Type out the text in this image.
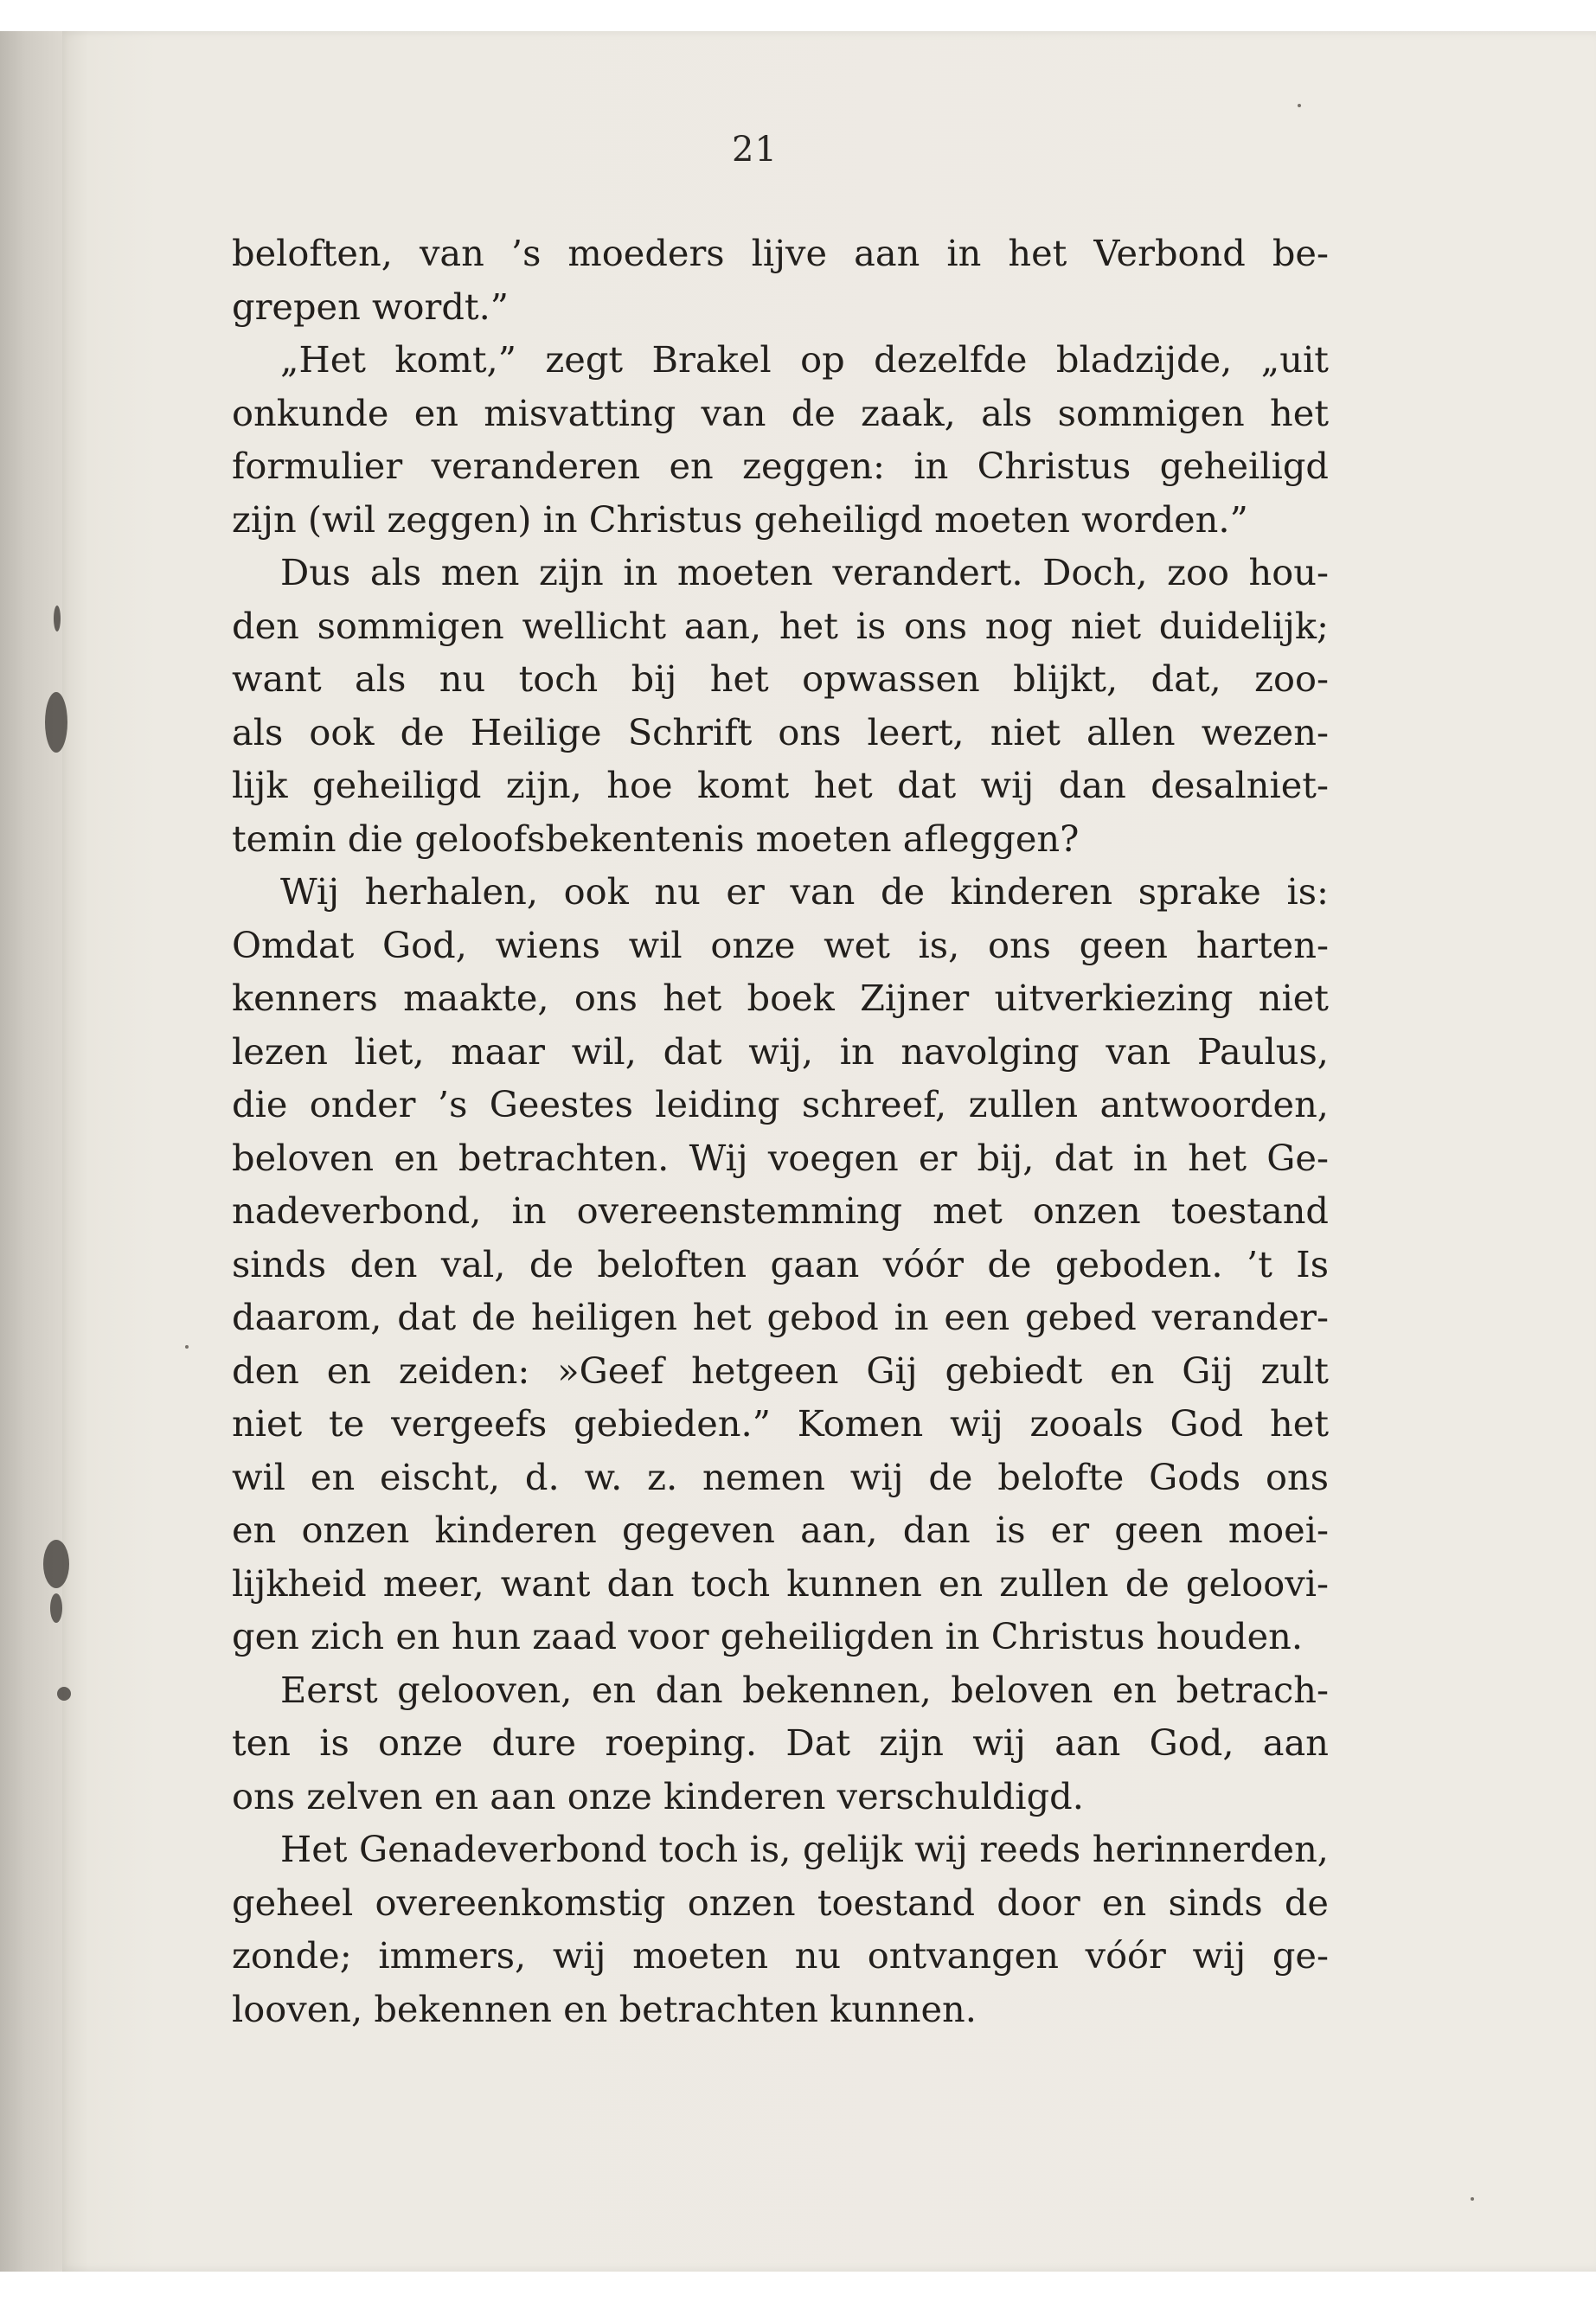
21
beloften, van ’s moeders lijve aan in het Verbond be-
grepen wordt.”
„Het komt,” zegt Brakel op dezelfde bladzijde, „uit
onkunde en misvatting van de zaak, als sommigen het
formulier veranderen en zeggen: in Christus geheiligd
zijn (wil zeggen) in Christus geheiligd moeten worden.”
Dus als men zijn in moeten verandert. Doch, zoo hou-
den sommigen wellicht aan, het is ons nog niet duidelijk;
want als nu toch bij het opwassen blijkt, dat, zoo-
als ook de Heilige Schrift ons leert, niet allen wezen-
lijk geheiligd zijn, hoe komt het dat wij dan desalniet-
temin die geloofsbekentenis moeten afleggen?
Wij herhalen, ook nu er van de kinderen sprake is:
Omdat God, wiens wil onze wet is, ons geen harten-
kenners maakte, ons het boek Zijner uitverkiezing niet
lezen liet, maar wil, dat wij, in navolging van Paulus,
die onder ’s Geestes leiding schreef, zullen antwoorden,
beloven en betrachten. Wij voegen er bij, dat in het Ge-
nadeverbond, in overeenstemming met onzen toestand
sinds den val, de beloften gaan vóór de geboden. ’t Is
daarom, dat de heiligen het gebod in een gebed verander-
den en zeiden: »Geef hetgeen Gij gebiedt en Gij zult
niet te vergeefs gebieden.” Komen wij zooals God het
wil en eischt, d. w. z. nemen wij de belofte Gods ons
en onzen kinderen gegeven aan, dan is er geen moei-
lijkheid meer, want dan toch kunnen en zullen de geloovi-
gen zich en hun zaad voor geheiligden in Christus houden.
Eerst gelooven, en dan bekennen, beloven en betrach-
ten is onze dure roeping. Dat zijn wij aan God, aan
ons zelven en aan onze kinderen verschuldigd.
Het Genadeverbond toch is, gelijk wij reeds herinnerden,
geheel overeenkomstig onzen toestand door en sinds de
zonde; immers, wij moeten nu ontvangen vóór wij ge-
looven, bekennen en betrachten kunnen.
